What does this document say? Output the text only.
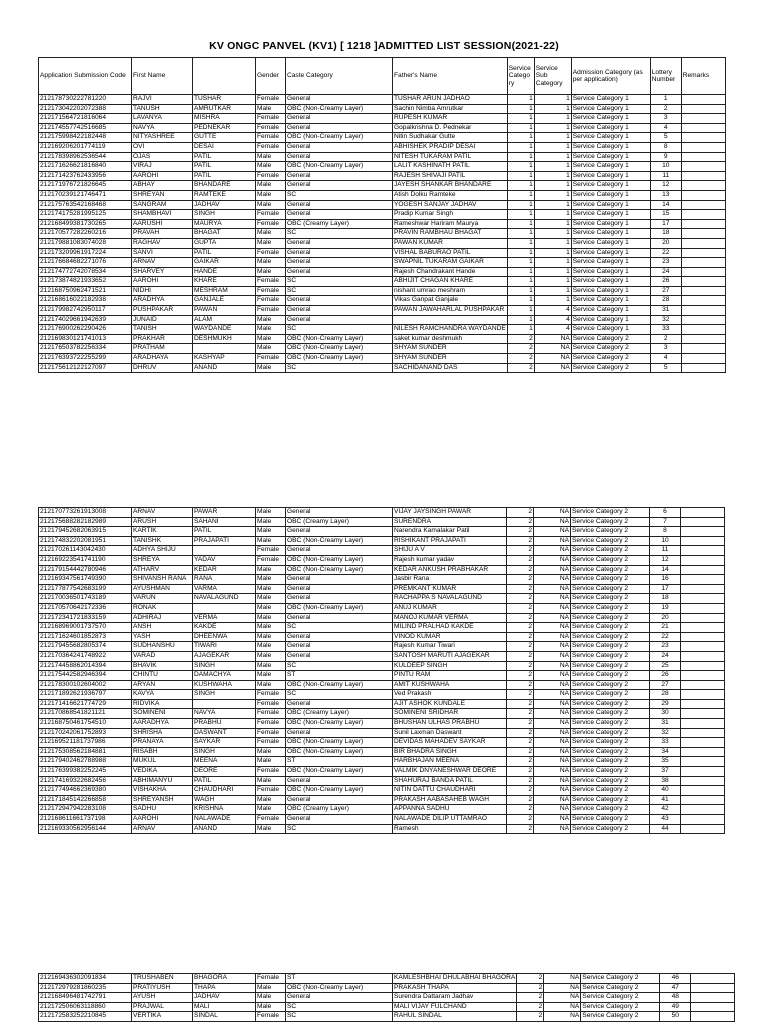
KV ONGC PANVEL (KV1) [ 1218 ]ADMITTED LIST SESSION(2021-22)
Application Submission Code	First Name		Gender	Caste Category	Father's Name	Service Catego ry	Service Sub Category	Admission Category (as per application)	Lottery Number	Remarks
212178730222781220	RAJVI	TUSHAR	Female	General	TUSHAR ARUN JADHAO	1	1	Service Category 1	1	
212173042202072388	TANUSH	AMRUTKAR	Male	OBC (Non-Creamy Layer)	Sachin Nimba Amrutkar	1	1	Service Category 1	2	
212171564721816064	LAVANYA	MISHRA	Female	General	RUPESH KUMAR	1	1	Service Category 1	3	
212174557742516685	NAVYA	PEDNEKAR	Female	General	Gopalkrishna D. Pednekar	1	1	Service Category 1	4	
212175998422182448	NITYASHREE	GUTTE	Female	OBC (Non-Creamy Layer)	Nitin Sudhakar Gutte	1	1	Service Category 1	5	
212169206201774119	OVI	DESAI	Female	General	ABHISHEK PRADIP DESAI	1	1	Service Category 1	8	
212178398962536544	OJAS	PATIL	Male	General	NITESH TUKARAM PATIL	1	1	Service Category 1	9	
212171626621816840	VIRAJ	PATIL	Male	OBC (Non-Creamy Layer)	LALIT KASHINATH PATIL	1	1	Service Category 1	10	
212171423762433956	AAROHI	PATIL	Female	General	RAJESH SHIVAJI PATIL	1	1	Service Category 1	11	
212171976721826645	ABHAY	BHANDARE	Male	General	JAYESH SHANKAR BHANDARE	1	1	Service Category 1	12	
212170239121746471	SHREYAN	RAMTEKE	Male	SC	Atish Dolku Ramteke	1	1	Service Category 1	13	
212175763542168468	SANGRAM	JADHAV	Male	General	YOGESH SANJAY JADHAV	1	1	Service Category 1	14	
212174175281995125	SHAMBHAVI	SINGH	Female	General	Pradip Kumar Singh	1	1	Service Category 1	15	
212168499381730265	AARUSHI	MAURYA	Female	OBC (Creamy Layer)	Rameshwar Hariram Maurya	1	1	Service Category 1	17	
212170577282260216	PRAVAH	BHAGAT	Male	SC	PRAVIN RAMBHAU BHAGAT	1	1	Service Category 1	18	
212179881083074028	RAGHAV	GUPTA	Male	General	PAWAN KUMAR	1	1	Service Category 1	20	
212173209961917224	SANVI	PATIL	Female	General	VISHAL BABURAO PATIL	1	1	Service Category 1	22	
212176684682271076	ARNAV	GAIKAR	Male	General	SWAPNIL TUKARAM GAIKAR	1	1	Service Category 1	23	
212174772742078534	SHARVEY	HANDE	Male	General	Rajesh Chandrakant Hande	1	1	Service Category 1	24	
212173874821933652	AAROHI	KHARE	Female	SC	ABHIJIT CHAGAN KHARE	1	1	Service Category 1	26	
212168750962471521	NIDHI	MESHRAM	Female	SC	nishant umrao meshram	1	1	Service Category 1	27	
212168616022182938	ARADHYA	GANJALE	Female	General	Vikas Ganpat Ganjale	1	1	Service Category 1	28	
212179982742950117	PUSHPAKAR	PAWAN	Female	General	PAWAN JAWAHARLAL PUSHPAKAR	1	4	Service Category 1	31	
212174029661942639	JUNAID	ALAM	Male	General		1	4	Service Category 1	32	
212176900262290426	TANISH	WAYDANDE	Male	SC	NILESH RAMCHANDRA WAYDANDE	1	4	Service Category 1	33	
212169830121741013	PRAKHAR	DESHMUKH	Male	OBC (Non-Creamy Layer)	saket kumar deshmukh	2	NA	Service Category 2	2	
212176503782256334	PRATHAM		Male	OBC (Non-Creamy Layer)	SHYAM SUNDER	2	NA	Service Category 2	3	
212176393722255299	ARADHAYA	KASHYAP	Female	OBC (Non-Creamy Layer)	SHYAM SUNDER	2	NA	Service Category 2	4	
212175612122127097	DHRUV	ANAND	Male	SC	SACHIDANAND DAS	2	NA	Service Category 2	5	
212170773261913008	ARNAV	PAWAR	Male	General	VIJAY JAYSINGH PAWAR	2	NA	Service Category 2	6	
212175688282182989	ARUSH	SAHANI	Male	OBC (Creamy Layer)	SURENDRA	2	NA	Service Category 2	7	
212179452682063915	KARTIK	PATIL	Male	General	Narendra Kamalakar Patil	2	NA	Service Category 2	8	
212174832202081951	TANISHK	PRAJAPATI	Male	OBC (Non-Creamy Layer)	RISHIKANT PRAJAPATI	2	NA	Service Category 2	10	
212170261143042430	ADHYA SHIJU		Female	General	SHIJU A V	2	NA	Service Category 2	11	
212169223541741190	SHREYA	YADAV	Female	OBC (Non-Creamy Layer)	Rajesh kumar yadav	2	NA	Service Category 2	12	
212179154442780946	ATHARV	KEDAR	Male	OBC (Non-Creamy Layer)	KEDAR ANKUSH PRABHAKAR	2	NA	Service Category 2	14	
212169347561749390	SHIVANSH RANA	RANA	Male	General	Jasbir Rana	2	NA	Service Category 2	16	
212177877542683199	AYUSHMAN	VARMA	Male	General	PREMKANT KUMAR	2	NA	Service Category 2	17	
212170036501743189	VARUN	NAVALAGUND	Male	General	RACHAPPA S NAVALAGUND	2	NA	Service Category 2	18	
212170570642172336	RONAK		Male	OBC (Non-Creamy Layer)	ANUJ KUMAR	2	NA	Service Category 2	19	
212172341721833159	ADHIRAJ	VERMA	Male	General	MANOJ KUMAR VERMA	2	NA	Service Category 2	20	
212168969001737570	ANSH	KAKDE	Male	SC	MILIND PRALHAD KAKDE	2	NA	Service Category 2	21	
212171624601852873	YASH	DHEENWA	Male	General	VINOD KUMAR	2	NA	Service Category 2	22	
212179455682805374	SUDHANSHU	TIWARI	Male	General	Rajesh Kumar Tiwari	2	NA	Service Category 2	23	
212170364241748922	VARAD	AJAGEKAR	Male	General	SANTOSH MARUTI AJAGEKAR	2	NA	Service Category 2	24	
212174458862014394	BHAVIK	SINGH	Male	SC	KULDEEP SINGH	2	NA	Service Category 2	25	
212175442582946394	CHINTU	DAMACHYA	Male	ST	PINTU RAM	2	NA	Service Category 2	26	
212178300102604002	ARYAN	KUSHWAHA	Male	OBC (Non-Creamy Layer)	AMIT KUSHWAHA	2	NA	Service Category 2	27	
212171892621936797	KAVYA	SINGH	Female	SC	Ved Prakash	2	NA	Service Category 2	28	
212171416621774729	RIDVIKA		Female	General	AJIT ASHOK KUNDALE	2	NA	Service Category 2	29	
212170868541821121	SOMINENI	NAVYA	Female	OBC (Creamy Layer)	SOMINENI SRIDHAR	2	NA	Service Category 2	30	
212168750461754510	AARADHYA	PRABHU	Female	OBC (Non-Creamy Layer)	BHUSHAN ULHAS PRABHU	2	NA	Service Category 2	31	
212170242061752893	SHRISHA	DASWANT	Female	General	Sunil Laxman Daswant	2	NA	Service Category 2	32	
212169521181737986	PRANAYA	SAYKAR	Female	OBC (Non-Creamy Layer)	DEVIDAS MAHADEV SAYKAR	2	NA	Service Category 2	33	
212175308562184881	RISABH	SINGH	Male	OBC (Non-Creamy Layer)	BIR BHADRA SINGH	2	NA	Service Category 2	34	
212179402462788988	MUKUL	MEENA	Male	ST	HARBHAJAN MEENA	2	NA	Service Category 2	35	
212176399382252245	VEDIKA	DEORE	Female	OBC (Non-Creamy Layer)	VALMIK DNYANESHWAR DEORE	2	NA	Service Category 2	37	
212174169322682456	ABHIMANYU	PATIL	Male	General	SHAHURAJ BANDA PATIL	2	NA	Service Category 2	38	
212177494662369380	VISHAKHA	CHAUDHARI	Female	OBC (Non-Creamy Layer)	NITIN DATTU CHAUDHARI	2	NA	Service Category 2	40	
212171845142266858	SHREYANSH	WAGH	Male	General	PRAKASH AABASAHEB WAGH	2	NA	Service Category 2	41	
212172947942283108	SADHU	KRISHNA	Male	OBC (Creamy Layer)	APPANNA SADHU	2	NA	Service Category 2	42	
212168611661737198	AAROHI	NALAWADE	Female	General	NALAWADE DILIP UTTAMRAO	2	NA	Service Category 2	43	
212169330562956144	ARNAV	ANAND	Male	SC	Ramesh	2	NA	Service Category 2	44	
212169436302091834	TRUSHABEN	BHAGORA	Female	ST	KAMLESHBHAI DHULABHAI BHAGORA	2	NA	Service Category 2	46	
212172979281860235	PRATIYUSH	THAPA	Male	OBC (Non-Creamy Layer)	PRAKASH THAPA	2	NA	Service Category 2	47	
212168496481742791	AYUSH	JADHAV	Male	General	Surendra Dattaram Jadhav	2	NA	Service Category 2	48	
212172506063118860	PRAJWAL	MALI	Male	SC	MALI VIJAY FULCHAND	2	NA	Service Category 2	49	
212172583252210845	VERTIKA	SINDAL	Female	SC	RAHUL SINDAL	2	NA	Service Category 2	50	
